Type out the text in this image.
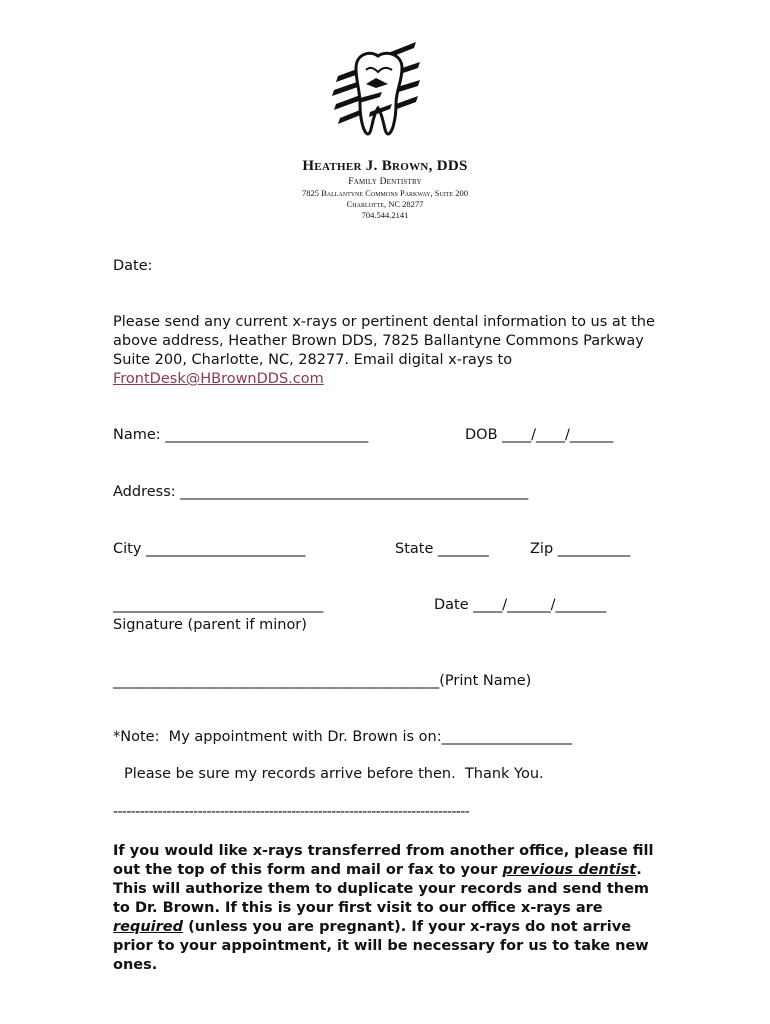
Heather J. Brown, DDS
Family Dentistry
7825 Ballantyne Commons Parkway, Suite 200
Charlotte, NC 28277
704.544.2141
Date:
Please send any current x-rays or pertinent dental information to us at the above address, Heather Brown DDS, 7825 Ballantyne Commons Parkway Suite 200, Charlotte, NC, 28277. Email digital x-rays to FrontDesk@HBrownDDS.com
Name: ____________________________	DOB ____/____/______
Address: ________________________________________________
City ______________________	State _______	Zip __________
_____________________________	Date ____/______/_______
Signature (parent if minor)
_____________________________________________(Print Name)
*Note:  My appointment with Dr. Brown is on:__________________
Please be sure my records arrive before then.  Thank You.
--------------------------------------------------------------------------------
If you would like x-rays transferred from another office, please fill out the top of this form and mail or fax to your previous dentist. This will authorize them to duplicate your records and send them to Dr. Brown. If this is your first visit to our office x-rays are required (unless you are pregnant). If your x-rays do not arrive prior to your appointment, it will be necessary for us to take new ones.
